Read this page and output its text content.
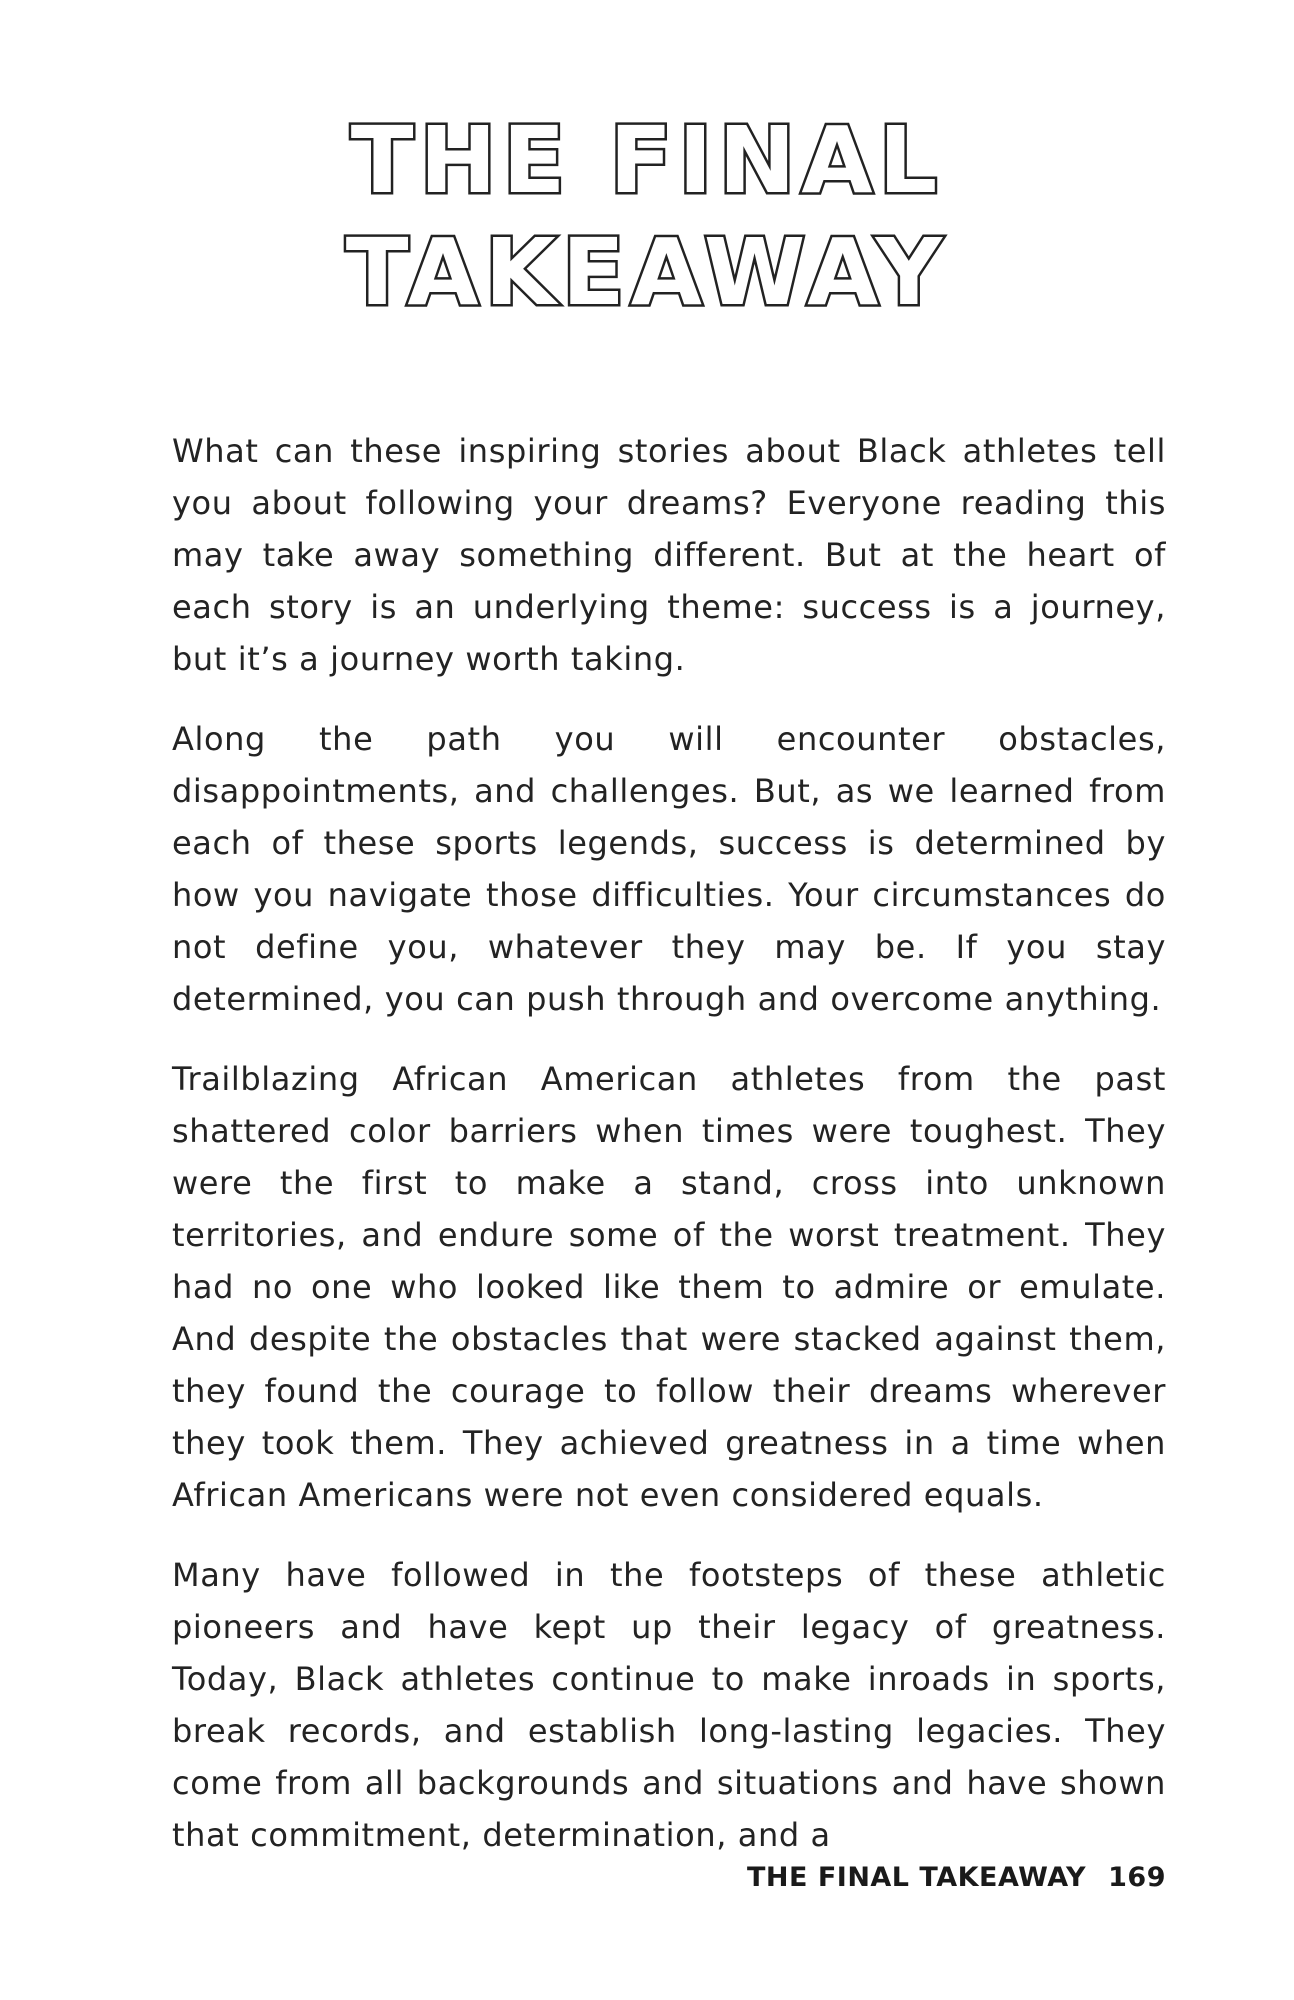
THE FINAL
TAKEAWAY

What can these inspiring stories about Black athletes tell you about following your dreams? Everyone reading this may take away something different. But at the heart of each story is an underlying theme: success is a journey, but it’s a journey worth taking.

Along the path you will encounter obstacles, disappointments, and challenges. But, as we learned from each of these sports legends, success is determined by how you navigate those difficulties. Your circumstances do not define you, whatever they may be. If you stay determined, you can push through and overcome anything.

Trailblazing African American athletes from the past shattered color barriers when times were toughest. They were the first to make a stand, cross into unknown territories, and endure some of the worst treatment. They had no one who looked like them to admire or emulate. And despite the obstacles that were stacked against them, they found the courage to follow their dreams wherever they took them. They achieved greatness in a time when African Americans were not even considered equals.

Many have followed in the footsteps of these athletic pioneers and have kept up their legacy of greatness. Today, Black athletes continue to make inroads in sports, break records, and establish long-lasting legacies. They come from all backgrounds and situations and have shown that commitment, determination, and a

THE FINAL TAKEAWAY 169
